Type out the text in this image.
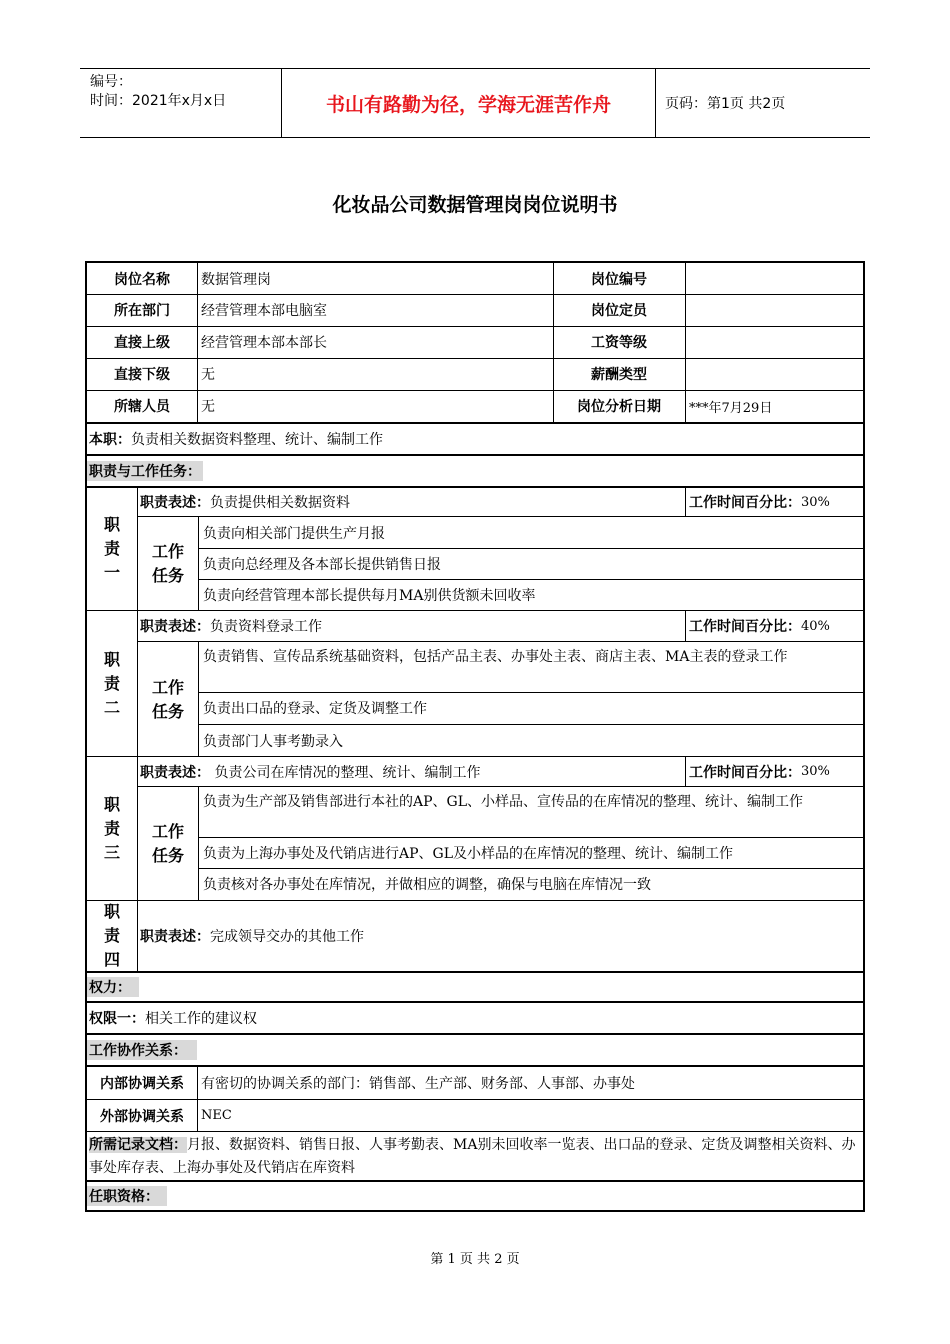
编号：
时间：2021年x月x日	书山有路勤为径，学海无涯苦作舟	页码：第1页 共2页
化妆品公司数据管理岗岗位说明书
岗位名称	数据管理岗	岗位编号
所在部门	经营管理本部电脑室	岗位定员
直接上级	经营管理本部本部长	工资等级
直接下级	无	薪酬类型
所辖人员	无	岗位分析日期	***年7月29日
本职： 负责相关数据资料整理、统计、编制工作
职责与工作任务：
职
责
一
职责表述： 负责提供相关数据资料	工作时间百分比： 30%
工作
任务
负责向相关部门提供生产月报
负责向总经理及各本部长提供销售日报
负责向经营管理本部长提供每月MA别供货额未回收率
职
责
二
职责表述： 负责资料登录工作	工作时间百分比： 40%
工作
任务
负责销售、宣传品系统基础资料，包括产品主表、办事处主表、商店主表、MA主表的登录工作
负责出口品的登录、定货及调整工作
负责部门人事考勤录入
职
责
三
职责表述： 负责公司在库情况的整理、统计、编制工作	工作时间百分比： 30%
工作
任务
负责为生产部及销售部进行本社的AP、GL、小样品、宣传品的在库情况的整理、统计、编制工作
负责为上海办事处及代销店进行AP、GL及小样品的在库情况的整理、统计、编制工作
负责核对各办事处在库情况，并做相应的调整，确保与电脑在库情况一致
职
责
四
职责表述： 完成领导交办的其他工作
权力：
权限一： 相关工作的建议权
工作协作关系：
内部协调关系	有密切的协调关系的部门：销售部、生产部、财务部、人事部、办事处
外部协调关系	NEC
所需记录文档：月报、数据资料、销售日报、人事考勤表、MA别未回收率一览表、出口品的登录、定货及调整相关资料、办事处库存表、上海办事处及代销店在库资料
任职资格：
第 1 页 共 2 页
